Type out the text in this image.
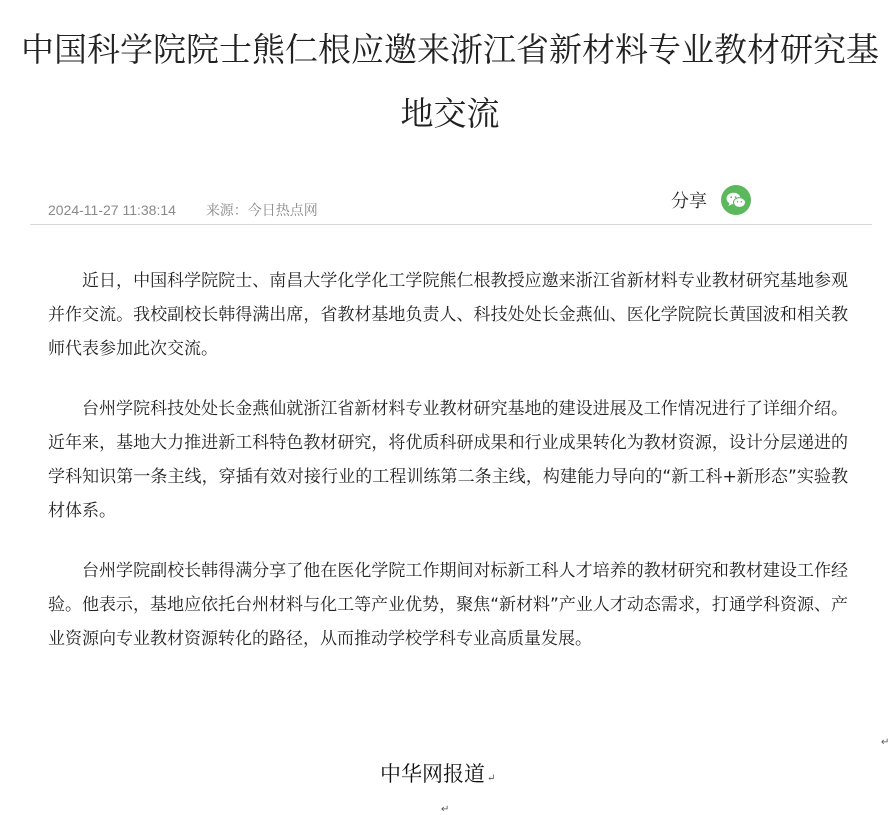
中国科学院院士熊仁根应邀来浙江省新材料专业教材研究基地交流
2024-11-27 11:38:14 来源：今日热点网	分享

近日，中国科学院院士、南昌大学化学化工学院熊仁根教授应邀来浙江省新材料专业教材研究基地参观并作交流。我校副校长韩得满出席，省教材基地负责人、科技处处长金燕仙、医化学院院长黄国波和相关教师代表参加此次交流。

台州学院科技处处长金燕仙就浙江省新材料专业教材研究基地的建设进展及工作情况进行了详细介绍。近年来，基地大力推进新工科特色教材研究，将优质科研成果和行业成果转化为教材资源，设计分层递进的学科知识第一条主线，穿插有效对接行业的工程训练第二条主线，构建能力导向的“新工科+新形态”实验教材体系。

台州学院副校长韩得满分享了他在医化学院工作期间对标新工科人才培养的教材研究和教材建设工作经验。他表示，基地应依托台州材料与化工等产业优势，聚焦“新材料”产业人才动态需求，打通学科资源、产业资源向专业教材资源转化的路径，从而推动学校学科专业高质量发展。

中华网报道 ↵
↵
↵
